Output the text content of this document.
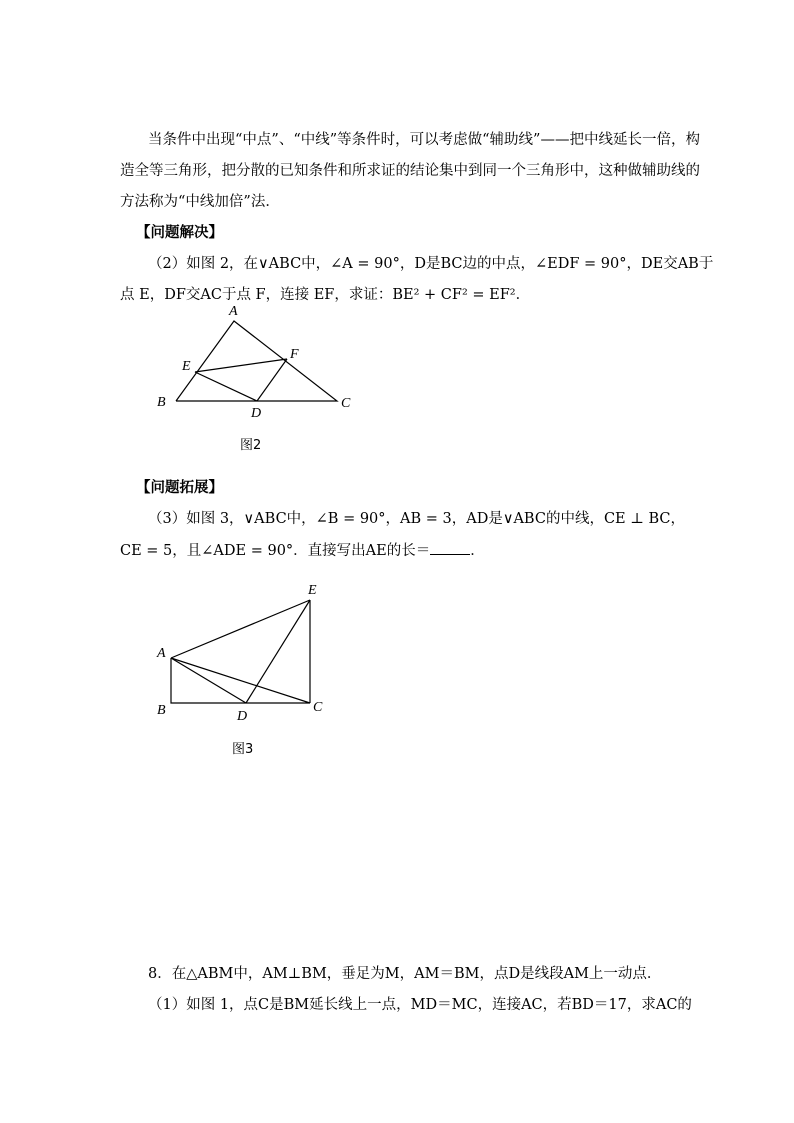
当条件中出现“中点”、“中线”等条件时，可以考虑做“辅助线”——把中线延长一倍，构
造全等三角形，把分散的已知条件和所求证的结论集中到同一个三角形中，这种做辅助线的
方法称为“中线加倍”法．
【问题解决】
（2）如图 2，在∨ABC中，∠A = 90°，D是BC边的中点，∠EDF = 90°，DE交AB于
点 E，DF交AC于点 F，连接 EF，求证：BE² + CF² = EF²．
A
B	C
D
E
F
图2
【问题拓展】
（3）如图 3，∨ABC中，∠B = 90°，AB = 3，AD是∨ABC的中线，CE ⊥ BC，
CE = 5，且∠ADE = 90°．直接写出AE的长＝	．
A
B	C
D
E
图3
8．在△ABM中，AM⊥BM，垂足为M，AM＝BM，点D是线段AM上一动点．
（1）如图 1，点C是BM延长线上一点，MD＝MC，连接AC，若BD＝17，求AC的
